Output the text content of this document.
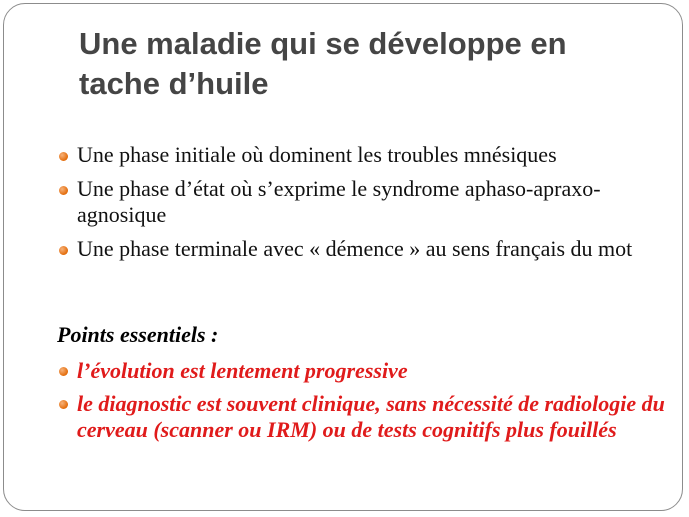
Une maladie qui se développe en
tache d’huile
Une phase initiale où dominent les troubles mnésiques
Une phase d’état où s’exprime le syndrome aphaso-apraxo-agnosique
Une phase terminale avec « démence » au sens français du mot
Points essentiels :
l’évolution est lentement progressive
le diagnostic est souvent clinique, sans nécessité de radiologie du cerveau (scanner ou IRM) ou de tests cognitifs plus fouillés
